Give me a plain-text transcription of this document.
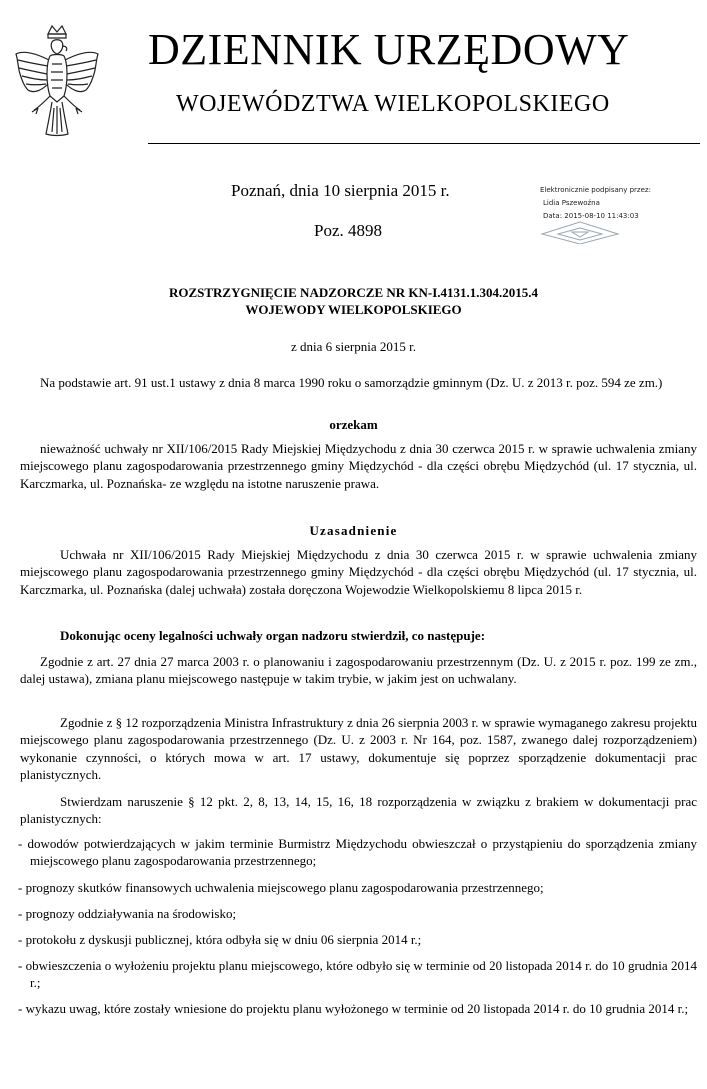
DZIENNIK URZĘDOWY
WOJEWÓDZTWA WIELKOPOLSKIEGO
Poznań, dnia 10 sierpnia 2015 r.
Poz. 4898
Elektronicznie podpisany przez:
Lidia Pszewoźna
Data: 2015-08-10 11:43:03
ROZSTRZYGNIĘCIE NADZORCZE NR KN-I.4131.1.304.2015.4
WOJEWODY WIELKOPOLSKIEGO
z dnia 6 sierpnia 2015 r.
Na podstawie art. 91 ust.1 ustawy z dnia 8 marca 1990 roku o samorządzie gminnym (Dz. U. z 2013 r. poz. 594 ze zm.)
orzekam
nieważność uchwały nr XII/106/2015 Rady Miejskiej Międzychodu z dnia 30 czerwca 2015 r. w sprawie uchwalenia zmiany miejscowego planu zagospodarowania przestrzennego gminy Międzychód - dla części obrębu Międzychód (ul. 17 stycznia, ul. Karczmarka, ul. Poznańska- ze względu na istotne naruszenie prawa.
Uzasadnienie
Uchwała nr XII/106/2015 Rady Miejskiej Międzychodu z dnia 30 czerwca 2015 r. w sprawie uchwalenia zmiany miejscowego planu zagospodarowania przestrzennego gminy Międzychód - dla części obrębu Międzychód (ul. 17 stycznia, ul. Karczmarka, ul. Poznańska (dalej uchwała) została doręczona Wojewodzie Wielkopolskiemu 8 lipca 2015 r.
Dokonując oceny legalności uchwały organ nadzoru stwierdził, co następuje:
Zgodnie z art. 27 dnia 27 marca 2003 r. o planowaniu i zagospodarowaniu przestrzennym (Dz. U. z 2015 r. poz. 199 ze zm., dalej ustawa), zmiana planu miejscowego następuje w takim trybie, w jakim jest on uchwalany.
Zgodnie z § 12 rozporządzenia Ministra Infrastruktury z dnia 26 sierpnia 2003 r. w sprawie wymaganego zakresu projektu miejscowego planu zagospodarowania przestrzennego (Dz. U. z 2003 r. Nr 164, poz. 1587, zwanego dalej rozporządzeniem) wykonanie czynności, o których mowa w art. 17 ustawy, dokumentuje się poprzez sporządzenie dokumentacji prac planistycznych.
Stwierdzam naruszenie § 12 pkt. 2, 8, 13, 14, 15, 16, 18 rozporządzenia w związku z brakiem w dokumentacji prac planistycznych:
- dowodów potwierdzających w jakim terminie Burmistrz Międzychodu obwieszczał o przystąpieniu do sporządzenia zmiany miejscowego planu zagospodarowania przestrzennego;
- prognozy skutków finansowych uchwalenia miejscowego planu zagospodarowania przestrzennego;
- prognozy oddziaływania na środowisko;
- protokołu z dyskusji publicznej, która odbyła się w dniu 06 sierpnia 2014 r.;
- obwieszczenia o wyłożeniu projektu planu miejscowego, które odbyło się w terminie od 20 listopada 2014 r. do 10 grudnia 2014 r.;
- wykazu uwag, które zostały wniesione do projektu planu wyłożonego w terminie od 20 listopada 2014 r. do 10 grudnia 2014 r.;
